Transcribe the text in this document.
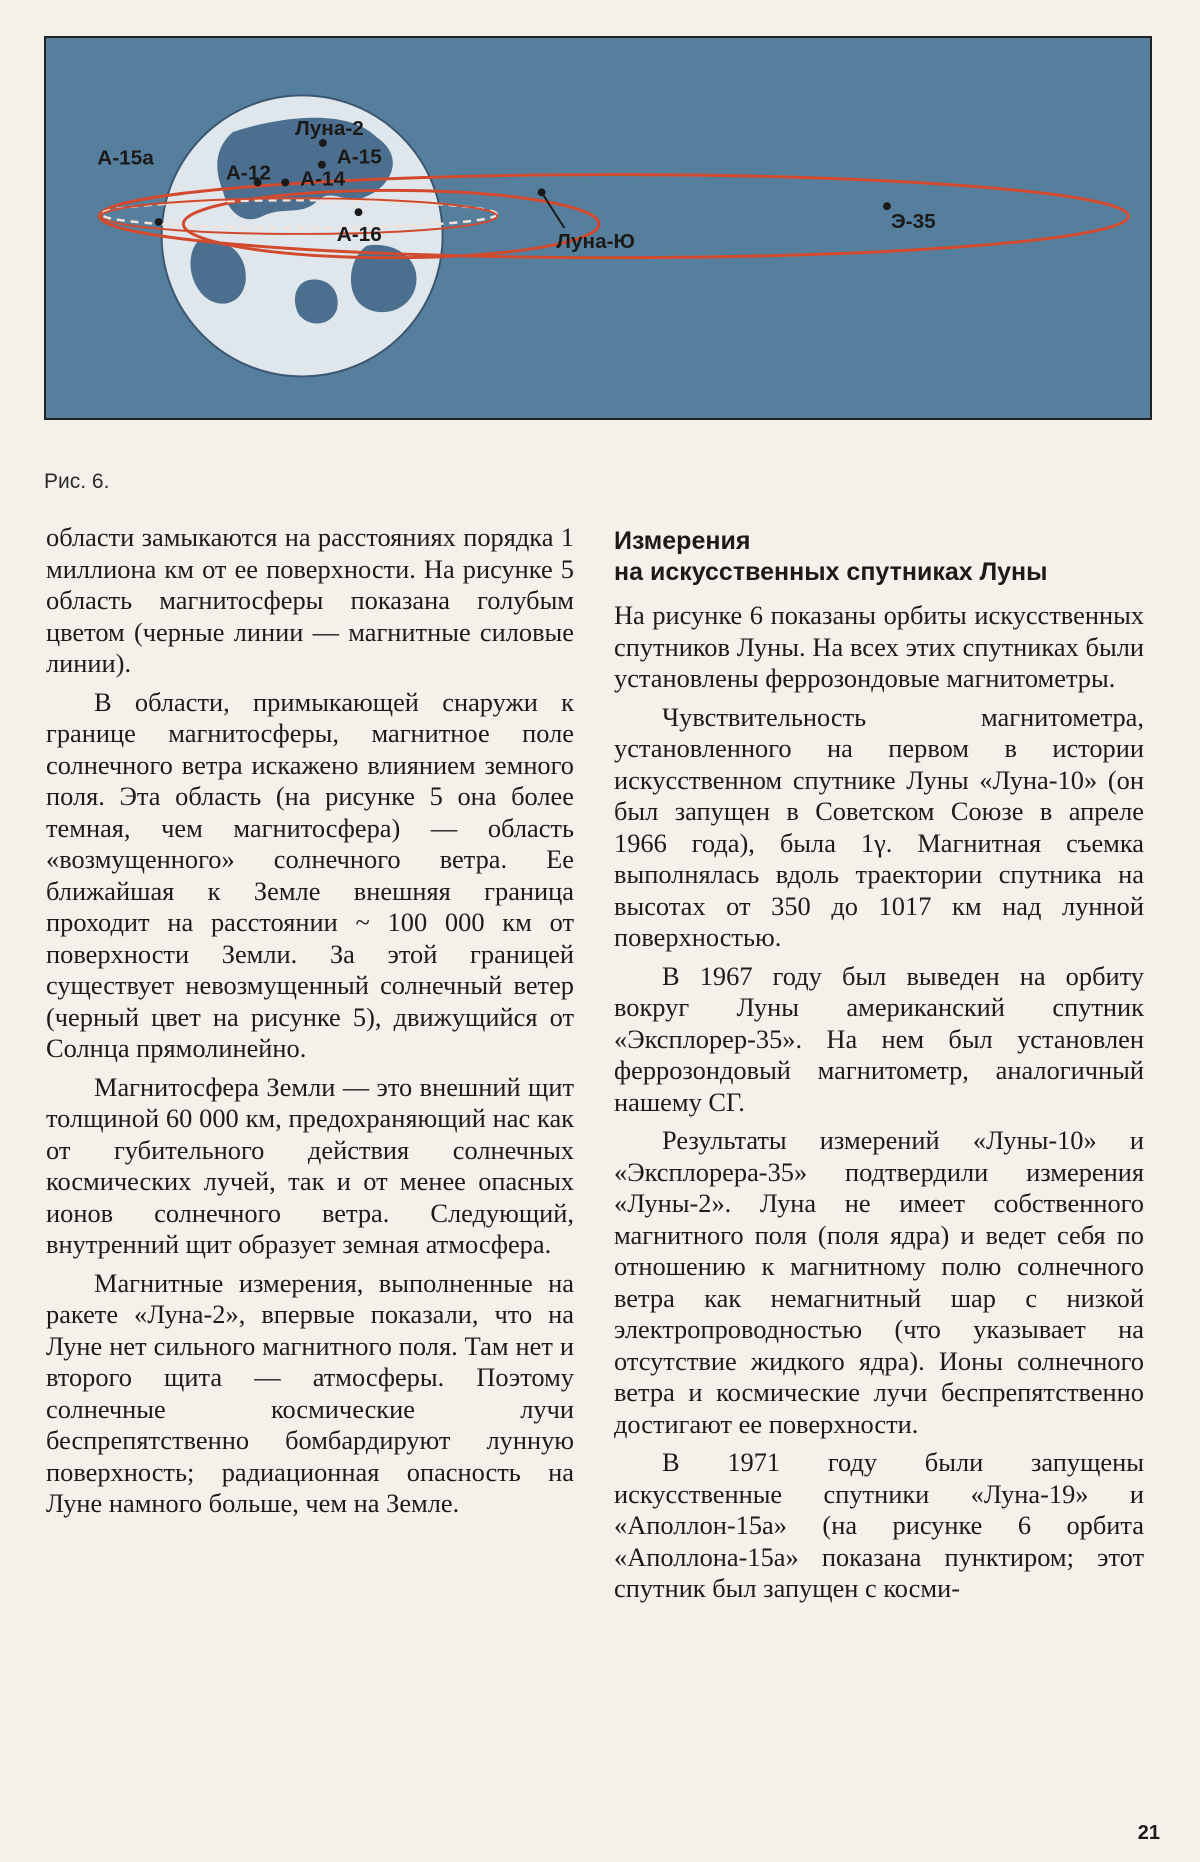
Луна-2
А-15
А-15а
А-12 А-14
А-16	Луна-Ю
Э-35
Рис. 6.

области замыкаются на расстояниях порядка 1 миллиона км от ее поверхности. На рисунке 5 область магнитосферы показана голубым цветом (черные линии — магнитные силовые линии).

В области, примыкающей снаружи к границе магнитосферы, магнитное поле солнечного ветра искажено влиянием земного поля. Эта область (на рисунке 5 она более темная, чем магнитосфера) — область «возмущенного» солнечного ветра. Ее ближайшая к Земле внешняя граница проходит на расстоянии ~ 100 000 км от поверхности Земли. За этой границей существует невозмущенный солнечный ветер (черный цвет на рисунке 5), движущийся от Солнца прямолинейно.

Магнитосфера Земли — это внешний щит толщиной 60 000 км, предохраняющий нас как от губительного действия солнечных космических лучей, так и от менее опасных ионов солнечного ветра. Следующий, внутренний щит образует земная атмосфера.

Магнитные измерения, выполненные на ракете «Луна-2», впервые показали, что на Луне нет сильного магнитного поля. Там нет и второго щита — атмосферы. Поэтому солнечные космические лучи беспрепятственно бомбардируют лунную поверхность; радиационная опасность на Луне намного больше, чем на Земле.

Измерения
на искусственных спутниках Луны

На рисунке 6 показаны орбиты искусственных спутников Луны. На всех этих спутниках были установлены феррозондовые магнитометры.

Чувствительность магнитометра, установленного на первом в истории искусственном спутнике Луны «Луна-10» (он был запущен в Советском Союзе в апреле 1966 года), была 1γ. Магнитная съемка выполнялась вдоль траектории спутника на высотах от 350 до 1017 км над лунной поверхностью.

В 1967 году был выведен на орбиту вокруг Луны американский спутник «Эксплорер-35». На нем был установлен феррозондовый магнитометр, аналогичный нашему СГ.

Результаты измерений «Луны-10» и «Эксплорера-35» подтвердили измерения «Луны-2». Луна не имеет собственного магнитного поля (поля ядра) и ведет себя по отношению к магнитному полю солнечного ветра как немагнитный шар с низкой электропроводностью (что указывает на отсутствие жидкого ядра). Ионы солнечного ветра и космические лучи беспрепятственно достигают ее поверхности.

В 1971 году были запущены искусственные спутники «Луна-19» и «Аполлон-15а» (на рисунке 6 орбита «Аполлона-15а» показана пунктиром; этот спутник был запущен с косми-

21
